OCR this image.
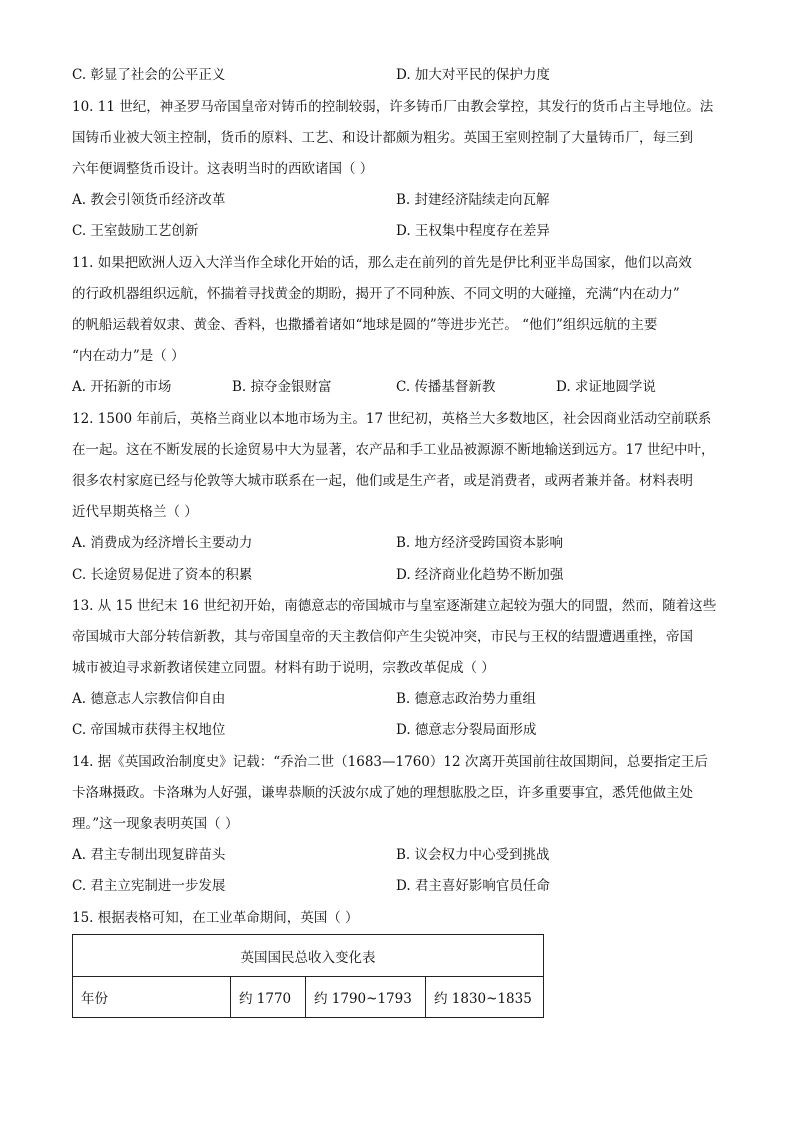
C. 彰显了社会的公平正义	D. 加大对平民的保护力度
10. 11 世纪，神圣罗马帝国皇帝对铸币的控制较弱，许多铸币厂由教会掌控，其发行的货币占主导地位。法
国铸币业被大领主控制，货币的原料、工艺、和设计都颇为粗劣。英国王室则控制了大量铸币厂，每三到
六年便调整货币设计。这表明当时的西欧诸国（ ）
A. 教会引领货币经济改革	B. 封建经济陆续走向瓦解
C. 王室鼓励工艺创新	D. 王权集中程度存在差异
11. 如果把欧洲人迈入大洋当作全球化开始的话，那么走在前列的首先是伊比利亚半岛国家，他们以高效
的行政机器组织远航，怀揣着寻找黄金的期盼，揭开了不同种族、不同文明的大碰撞，充满“内在动力”
的帆船运载着奴隶、黄金、香料，也撒播着诸如“地球是圆的”等进步光芒。 “他们”组织远航的主要
“内在动力”是（ ）
A. 开拓新的市场	B. 掠夺金银财富	C. 传播基督新教	D. 求证地圆学说
12. 1500 年前后，英格兰商业以本地市场为主。17 世纪初，英格兰大多数地区，社会因商业活动空前联系
在一起。这在不断发展的长途贸易中大为显著，农产品和手工业品被源源不断地输送到远方。17 世纪中叶，
很多农村家庭已经与伦敦等大城市联系在一起，他们或是生产者，或是消费者，或两者兼并备。材料表明
近代早期英格兰（ ）
A. 消费成为经济增长主要动力	B. 地方经济受跨国资本影响
C. 长途贸易促进了资本的积累	D. 经济商业化趋势不断加强
13. 从 15 世纪末 16 世纪初开始，南德意志的帝国城市与皇室逐渐建立起较为强大的同盟，然而，随着这些
帝国城市大部分转信新教，其与帝国皇帝的天主教信仰产生尖锐冲突，市民与王权的结盟遭遇重挫，帝国
城市被迫寻求新教诸侯建立同盟。材料有助于说明，宗教改革促成（ ）
A. 德意志人宗教信仰自由	B. 德意志政治势力重组
C. 帝国城市获得主权地位	D. 德意志分裂局面形成
14. 据《英国政治制度史》记载：“乔治二世（1683—1760）12 次离开英国前往故国期间，总要指定王后
卡洛琳摄政。卡洛琳为人好强，谦卑恭顺的沃波尔成了她的理想肱股之臣，许多重要事宜，悉凭他做主处
理。”这一现象表明英国（ ）
A. 君主专制出现复辟苗头	B. 议会权力中心受到挑战
C. 君主立宪制进一步发展	D. 君主喜好影响官员任命
15. 根据表格可知，在工业革命期间，英国（ ）
英国国民总收入变化表
年份	约 1770	约 1790~1793	约 1830~1835
